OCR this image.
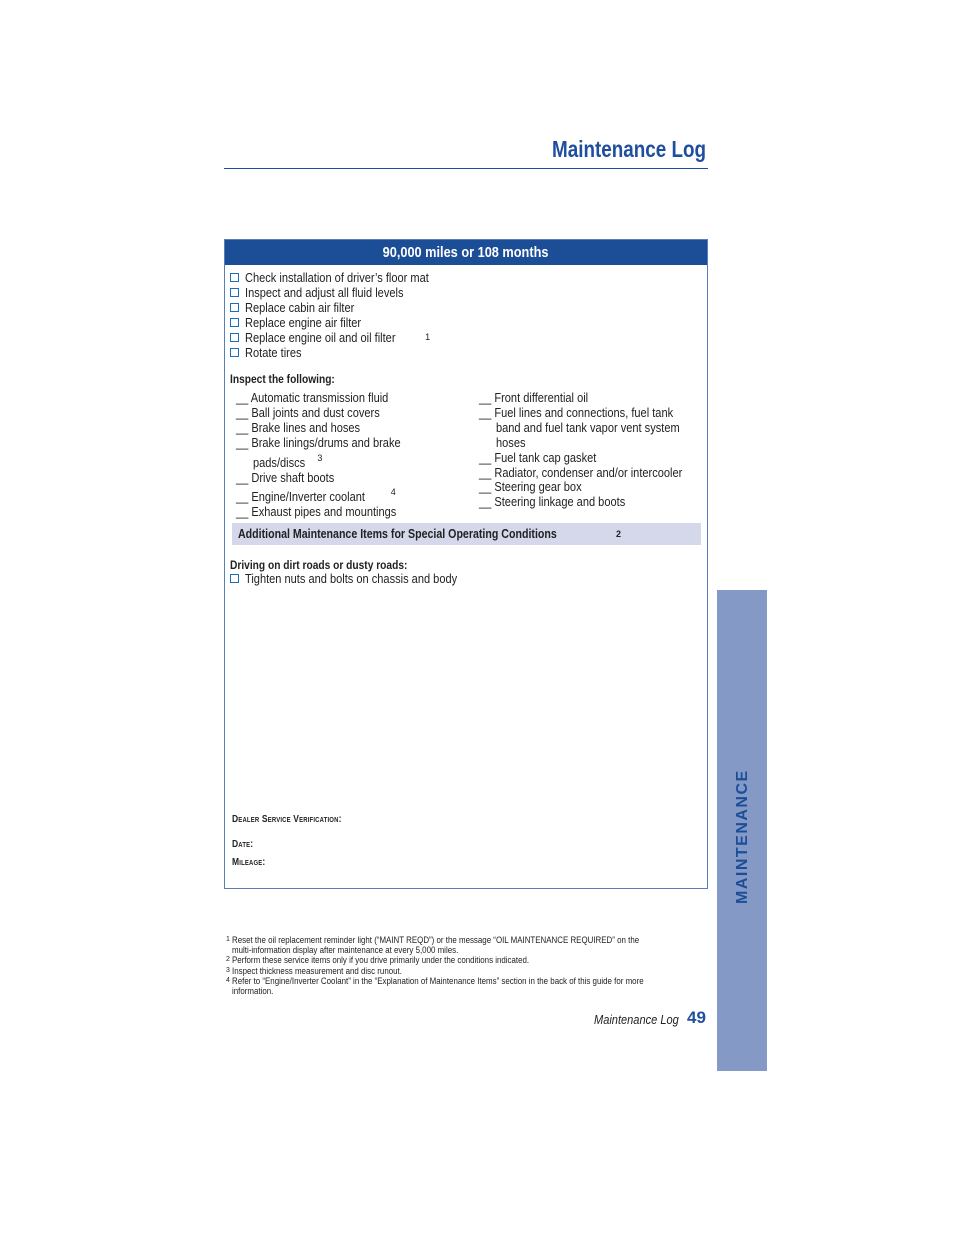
Maintenance Log
90,000 miles or 108 months
Check installation of driver’s floor mat
Inspect and adjust all fluid levels
Replace cabin air filter
Replace engine air filter
Replace engine oil and oil filter	1
Rotate tires
Inspect the following:
__ Automatic transmission fluid
__ Ball joints and dust covers
__ Brake lines and hoses
__ Brake linings/drums and brake
pads/discs $^3$
__ Drive shaft boots
__ Engine/Inverter coolant	$^4$
__ Exhaust pipes and mountings
__ Front differential oil
__ Fuel lines and connections, fuel tank
band and fuel tank vapor vent system
hoses
__ Fuel tank cap gasket
__ Radiator, condenser and/or intercooler
__ Steering gear box
__ Steering linkage and boots
Additional Maintenance Items for Special Operating Conditions	2
Driving on dirt roads or dusty roads:
Tighten nuts and bolts on chassis and body
Dealer Service Verification:
Date:
Mileage:
1 Reset the oil replacement reminder light (“MAINT REQD”) or the message “OIL MAINTENANCE REQUIRED” on the multi-information display after maintenance at every 5,000 miles.
2 Perform these service items only if you drive primarily under the conditions indicated.
3 Inspect thickness measurement and disc runout.
4 Refer to “Engine/Inverter Coolant” in the “Explanation of Maintenance Items” section in the back of this guide for more information.
Maintenance Log 49
MAINTENANCE
